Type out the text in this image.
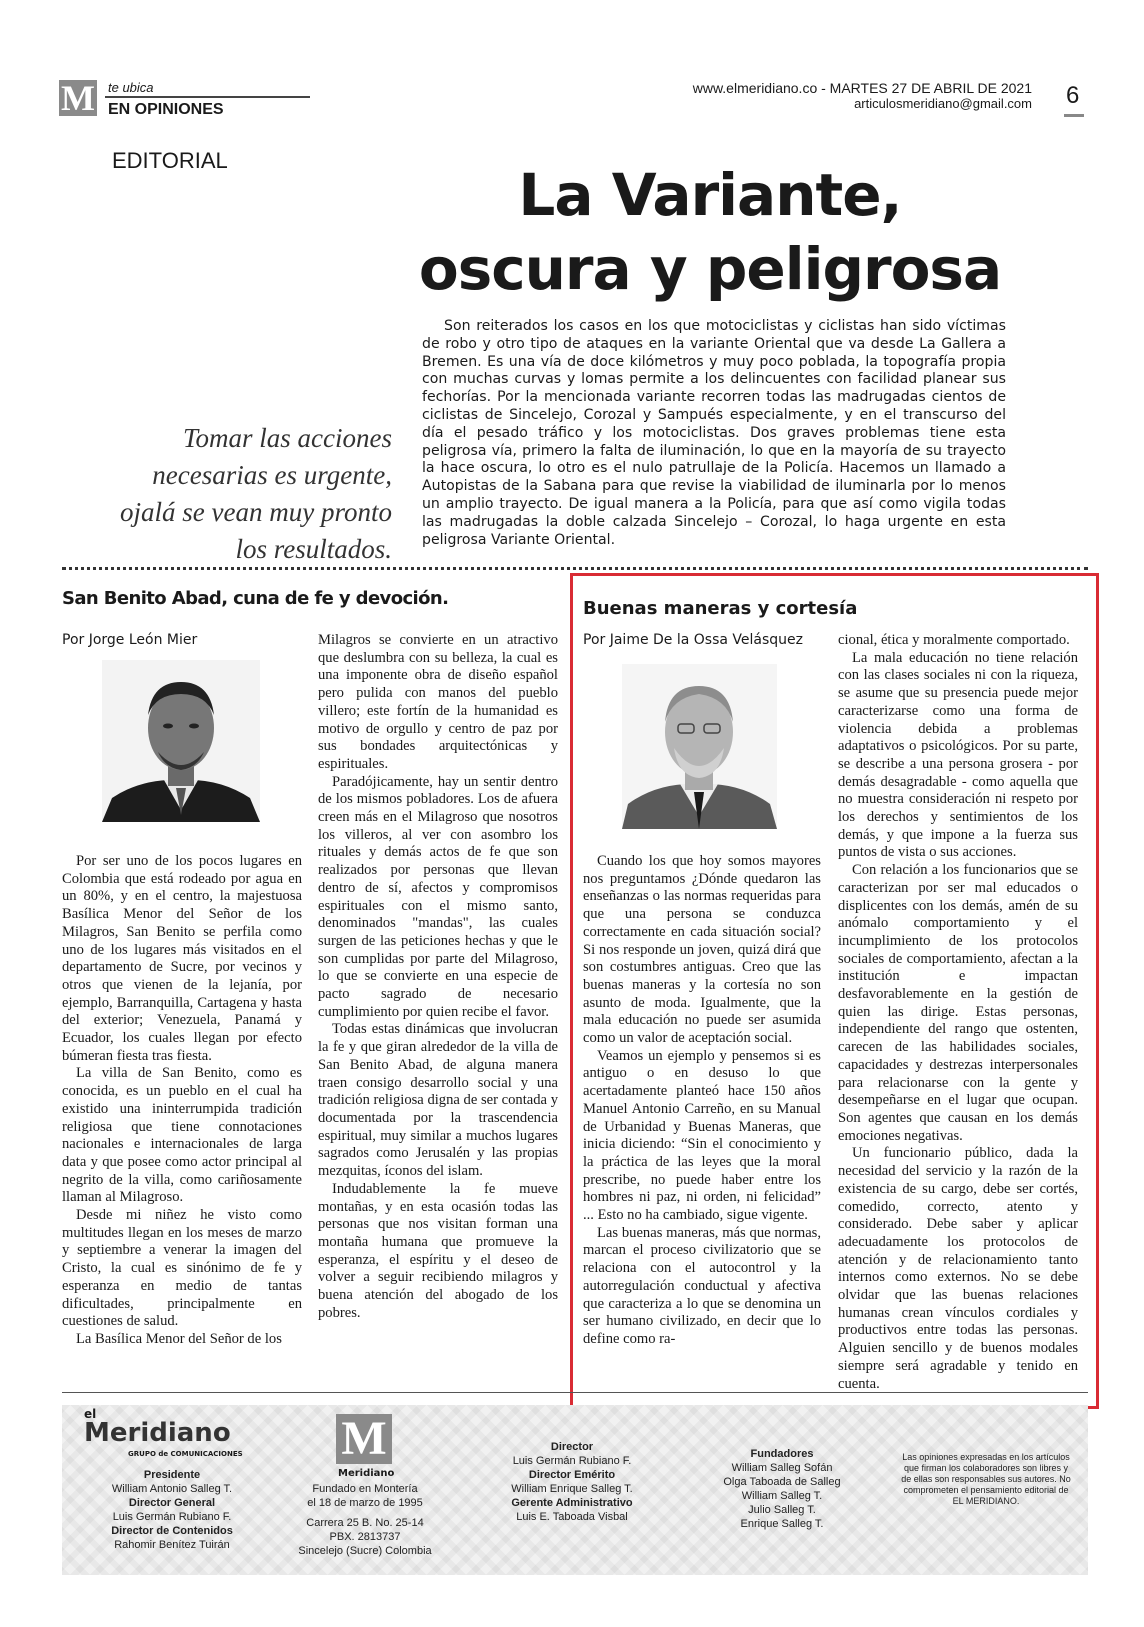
M te ubica
EN OPINIONES
www.elmeridiano.co - MARTES 27 DE ABRIL DE 2021
articulosmeridiano@gmail.com 6
EDITORIAL
La Variante,
oscura y peligrosa
Son reiterados los casos en los que motociclistas y ciclistas han sido víctimas de robo y otro tipo de ataques en la variante Oriental que va desde La Gallera a Bremen. Es una vía de doce kilómetros y muy poco poblada, la topografía propia con muchas curvas y lomas permite a los delincuentes con facilidad planear sus fechorías. Por la mencionada variante recorren todas las madrugadas cientos de ciclistas de Sincelejo, Corozal y Sampués especialmente, y en el transcurso del día el pesado tráfico y los motociclistas. Dos graves problemas tiene esta peligrosa vía, primero la falta de iluminación, lo que en la mayoría de su trayecto la hace oscura, lo otro es el nulo patrullaje de la Policía. Hacemos un llamado a Autopistas de la Sabana para que revise la viabilidad de iluminarla por lo menos un amplio trayecto. De igual manera a la Policía, para que así como vigila todas las madrugadas la doble calzada Sincelejo – Corozal, lo haga urgente en esta peligrosa Variante Oriental.
Tomar las acciones necesarias es urgente, ojalá se vean muy pronto los resultados.
San Benito Abad, cuna de fe y devoción.
Por Jorge León Mier

Por ser uno de los pocos lugares en Colombia que está rodeado por agua en un 80%, y en el centro, la majestuosa Basílica Menor del Señor de los Milagros, San Benito se perfila como uno de los lugares más visitados en el departamento de Sucre, por vecinos y otros que vienen de la lejanía, por ejemplo, Barranquilla, Cartagena y hasta del exterior; Venezuela, Panamá y Ecuador, los cuales llegan por efecto búmeran fiesta tras fiesta.

La villa de San Benito, como es conocida, es un pueblo en el cual ha existido una ininterrumpida tradición religiosa que tiene connotaciones nacionales e internacionales de larga data y que posee como actor principal al negrito de la villa, como cariñosamente llaman al Milagroso.

Desde mi niñez he visto como multitudes llegan en los meses de marzo y septiembre a venerar la imagen del Cristo, la cual es sinónimo de fe y esperanza en medio de tantas dificultades, principalmente en cuestiones de salud.

La Basílica Menor del Señor de los

Milagros se convierte en un atractivo que deslumbra con su belleza, la cual es una imponente obra de diseño español pero pulida con manos del pueblo villero; este fortín de la humanidad es motivo de orgullo y centro de paz por sus bondades arquitectónicas y espirituales.

Paradójicamente, hay un sentir dentro de los mismos pobladores. Los de afuera creen más en el Milagroso que nosotros los villeros, al ver con asombro los rituales y demás actos de fe que son realizados por personas que llevan dentro de sí, afectos y compromisos espirituales con el mismo santo, denominados "mandas", las cuales surgen de las peticiones hechas y que le son cumplidas por parte del Milagroso, lo que se convierte en una especie de pacto sagrado de necesario cumplimiento por quien recibe el favor.

Todas estas dinámicas que involucran la fe y que giran alrededor de la villa de San Benito Abad, de alguna manera traen consigo desarrollo social y una tradición religiosa digna de ser contada y documentada por la trascendencia espiritual, muy similar a muchos lugares sagrados como Jerusalén y las propias mezquitas, íconos del islam.

Indudablemente la fe mueve montañas, y en esta ocasión todas las personas que nos visitan forman una montaña humana que promueve la esperanza, el espíritu y el deseo de volver a seguir recibiendo milagros y buena atención del abogado de los pobres.

Buenas maneras y cortesía
Por Jaime De la Ossa Velásquez

Cuando los que hoy somos mayores nos preguntamos ¿Dónde quedaron las enseñanzas o las normas requeridas para que una persona se conduzca correctamente en cada situación social? Si nos responde un joven, quizá dirá que son costumbres antiguas. Creo que las buenas maneras y la cortesía no son asunto de moda. Igualmente, que la mala educación no puede ser asumida como un valor de aceptación social.

Veamos un ejemplo y pensemos si es antiguo o en desuso lo que acertadamente planteó hace 150 años Manuel Antonio Carreño, en su Manual de Urbanidad y Buenas Maneras, que inicia diciendo: “Sin el conocimiento y la práctica de las leyes que la moral prescribe, no puede haber entre los hombres ni paz, ni orden, ni felicidad” ... Esto no ha cambiado, sigue vigente.

Las buenas maneras, más que normas, marcan el proceso civilizatorio que se relaciona con el autocontrol y la autorregulación conductual y afectiva que caracteriza a lo que se denomina un ser humano civilizado, en decir que lo define como ra-

cional, ética y moralmente comportado.

La mala educación no tiene relación con las clases sociales ni con la riqueza, se asume que su presencia puede mejor caracterizarse como una forma de violencia debida a problemas adaptativos o psicológicos. Por su parte, se describe a una persona grosera - por demás desagradable - como aquella que no muestra consideración ni respeto por los derechos y sentimientos de los demás, y que impone a la fuerza sus puntos de vista o sus acciones.

Con relación a los funcionarios que se caracterizan por ser mal educados o displicentes con los demás, amén de su anómalo comportamiento y el incumplimiento de los protocolos sociales de comportamiento, afectan a la institución e impactan desfavorablemente en la gestión de quien las dirige. Estas personas, independiente del rango que ostenten, carecen de las habilidades sociales, capacidades y destrezas interpersonales para relacionarse con la gente y desempeñarse en el lugar que ocupan. Son agentes que causan en los demás emociones negativas.

Un funcionario público, dada la necesidad del servicio y la razón de la existencia de su cargo, debe ser cortés, comedido, correcto, atento y considerado. Debe saber y aplicar adecuadamente los protocolos de atención y de relacionamiento tanto internos como externos. No se debe olvidar que las buenas relaciones humanas crean vínculos cordiales y productivos entre todas las personas. Alguien sencillo y de buenos modales siempre será agradable y tenido en cuenta.

el
Meridiano
GRUPO de COMUNICACIONES
Presidente
William Antonio Salleg T.
Director General
Luis Germán Rubiano F.
Director de Contenidos
Rahomir Benítez Tuirán
M
Meridiano
Fundado en Montería
el 18 de marzo de 1995
Carrera 25 B. No. 25-14
PBX. 2813737
Sincelejo (Sucre) Colombia
Director
Luis Germán Rubiano F.
Director Emérito
William Enrique Salleg T.
Gerente Administrativo
Luis E. Taboada Visbal
Fundadores
William Salleg Sofán
Olga Taboada de Salleg
William Salleg T.
Julio Salleg T.
Enrique Salleg T.
Las opiniones expresadas en los artículos que firman los colaboradores son libres y de ellas son responsables sus autores. No comprometen el pensamiento editorial de EL MERIDIANO.
